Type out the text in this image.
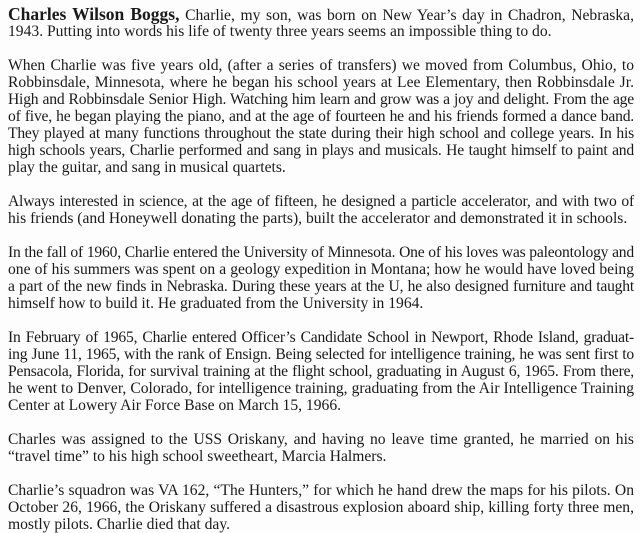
Charles Wilson Boggs, Charlie, my son, was born on New Year’s day in Chadron, Nebraska,
1943. Putting into words his life of twenty three years seems an impossible thing to do.

When Charlie was five years old, (after a series of transfers) we moved from Columbus, Ohio, to
Robbinsdale, Minnesota, where he began his school years at Lee Elementary, then Robbinsdale Jr.
High and Robbinsdale Senior High. Watching him learn and grow was a joy and delight. From the age
of five, he began playing the piano, and at the age of fourteen he and his friends formed a dance band.
They played at many functions throughout the state during their high school and college years. In his
high schools years, Charlie performed and sang in plays and musicals. He taught himself to paint and
play the guitar, and sang in musical quartets.

Always interested in science, at the age of fifteen, he designed a particle accelerator, and with two of
his friends (and Honeywell donating the parts), built the accelerator and demonstrated it in schools.

In the fall of 1960, Charlie entered the University of Minnesota. One of his loves was paleontology and
one of his summers was spent on a geology expedition in Montana; how he would have loved being
a part of the new finds in Nebraska. During these years at the U, he also designed furniture and taught
himself how to build it. He graduated from the University in 1964.

In February of 1965, Charlie entered Officer’s Candidate School in Newport, Rhode Island, graduat-
ing June 11, 1965, with the rank of Ensign. Being selected for intelligence training, he was sent first to
Pensacola, Florida, for survival training at the flight school, graduating in August 6, 1965. From there,
he went to Denver, Colorado, for intelligence training, graduating from the Air Intelligence Training
Center at Lowery Air Force Base on March 15, 1966.

Charles was assigned to the USS Oriskany, and having no leave time granted, he married on his
“travel time” to his high school sweetheart, Marcia Halmers.

Charlie’s squadron was VA 162, “The Hunters,” for which he hand drew the maps for his pilots. On
October 26, 1966, the Oriskany suffered a disastrous explosion aboard ship, killing forty three men,
mostly pilots. Charlie died that day.
